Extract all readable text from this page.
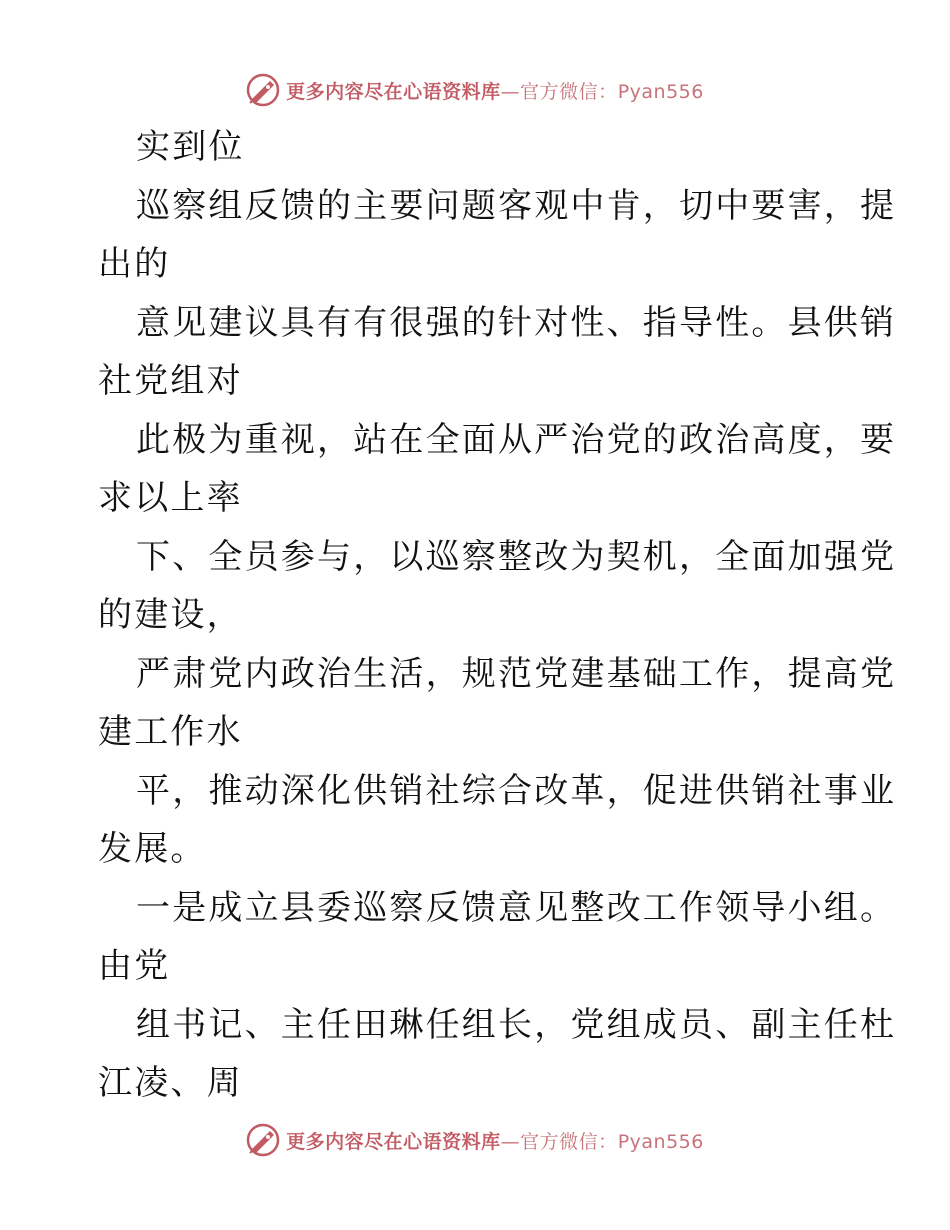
更多内容尽在心语资料库—官方微信：Pyan556
实到位
巡察组反馈的主要问题客观中肯，切中要害，提
出的
意见建议具有有很强的针对性、指导性。县供销
社党组对
此极为重视，站在全面从严治党的政治高度，要
求以上率
下、全员参与，以巡察整改为契机，全面加强党
的建设，
严肃党内政治生活，规范党建基础工作，提高党
建工作水
平，推动深化供销社综合改革，促进供销社事业
发展。
一是成立县委巡察反馈意见整改工作领导小组。
由党
组书记、主任田琳任组长，党组成员、副主任杜
江凌、周
更多内容尽在心语资料库—官方微信：Pyan556
